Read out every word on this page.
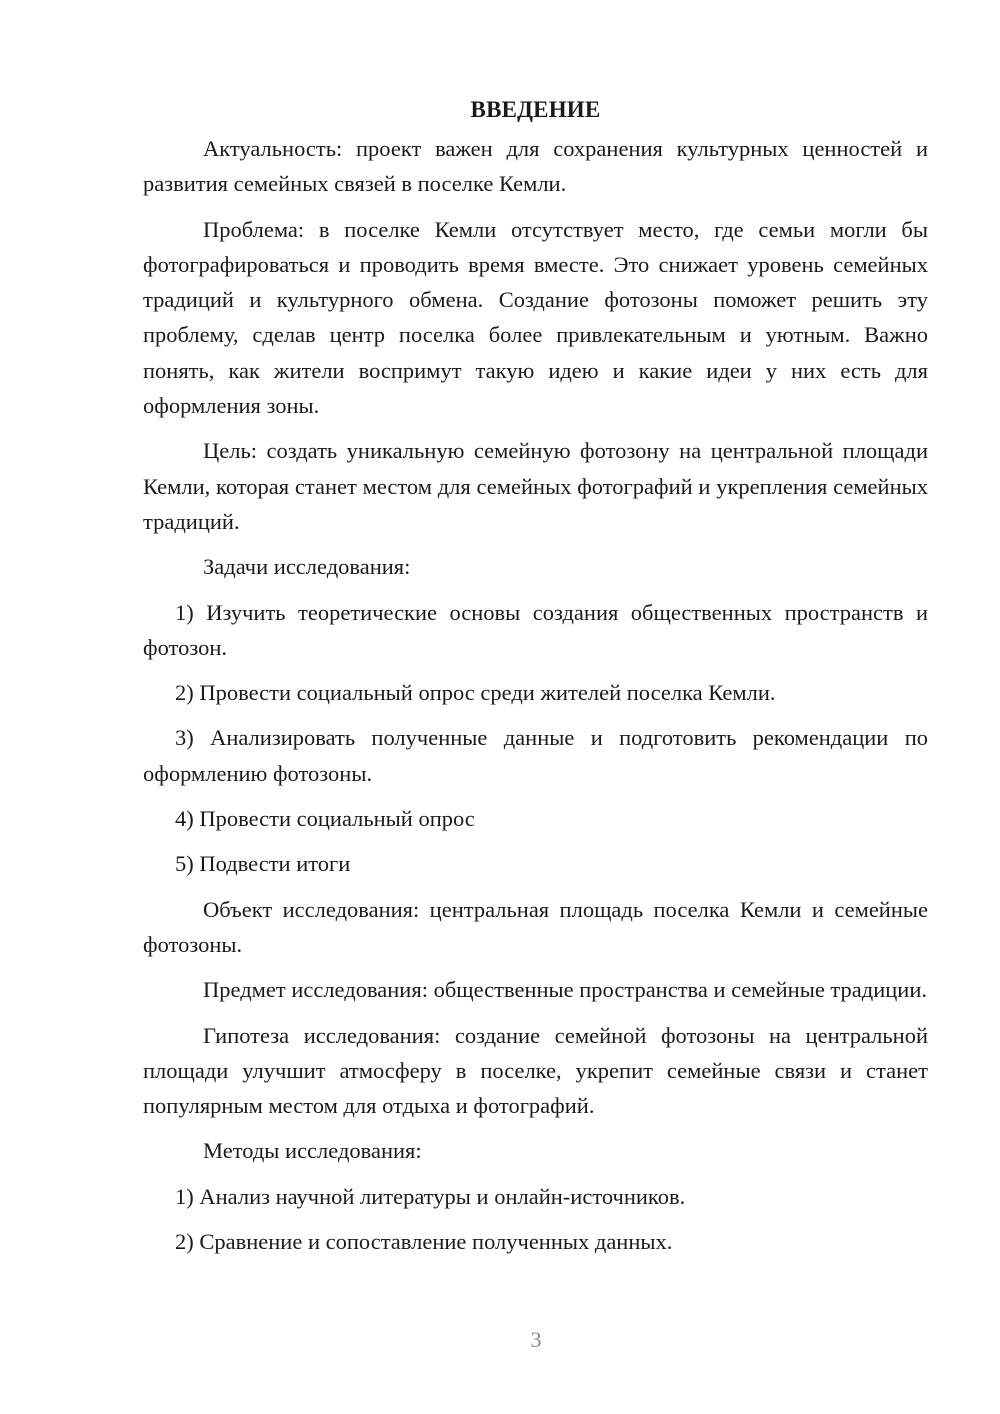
ВВЕДЕНИЕ

Актуальность: проект важен для сохранения культурных ценностей и развития семейных связей в поселке Кемли.

Проблема: в поселке Кемли отсутствует место, где семьи могли бы фотографироваться и проводить время вместе. Это снижает уровень семейных традиций и культурного обмена. Создание фотозоны поможет решить эту проблему, сделав центр поселка более привлекательным и уютным. Важно понять, как жители воспримут такую идею и какие идеи у них есть для оформления зоны.

Цель: создать уникальную семейную фотозону на центральной площади Кемли, которая станет местом для семейных фотографий и укрепления семейных традиций.

Задачи исследования:

1) Изучить теоретические основы создания общественных пространств и фотозон.

2) Провести социальный опрос среди жителей поселка Кемли.

3) Анализировать полученные данные и подготовить рекомендации по оформлению фотозоны.

4) Провести социальный опрос

5) Подвести итоги

Объект исследования: центральная площадь поселка Кемли и семейные фотозоны.

Предмет исследования: общественные пространства и семейные традиции.

Гипотеза исследования: создание семейной фотозоны на центральной площади улучшит атмосферу в поселке, укрепит семейные связи и станет популярным местом для отдыха и фотографий.

Методы исследования:

1) Анализ научной литературы и онлайн-источников.

2) Сравнение и сопоставление полученных данных.

3
